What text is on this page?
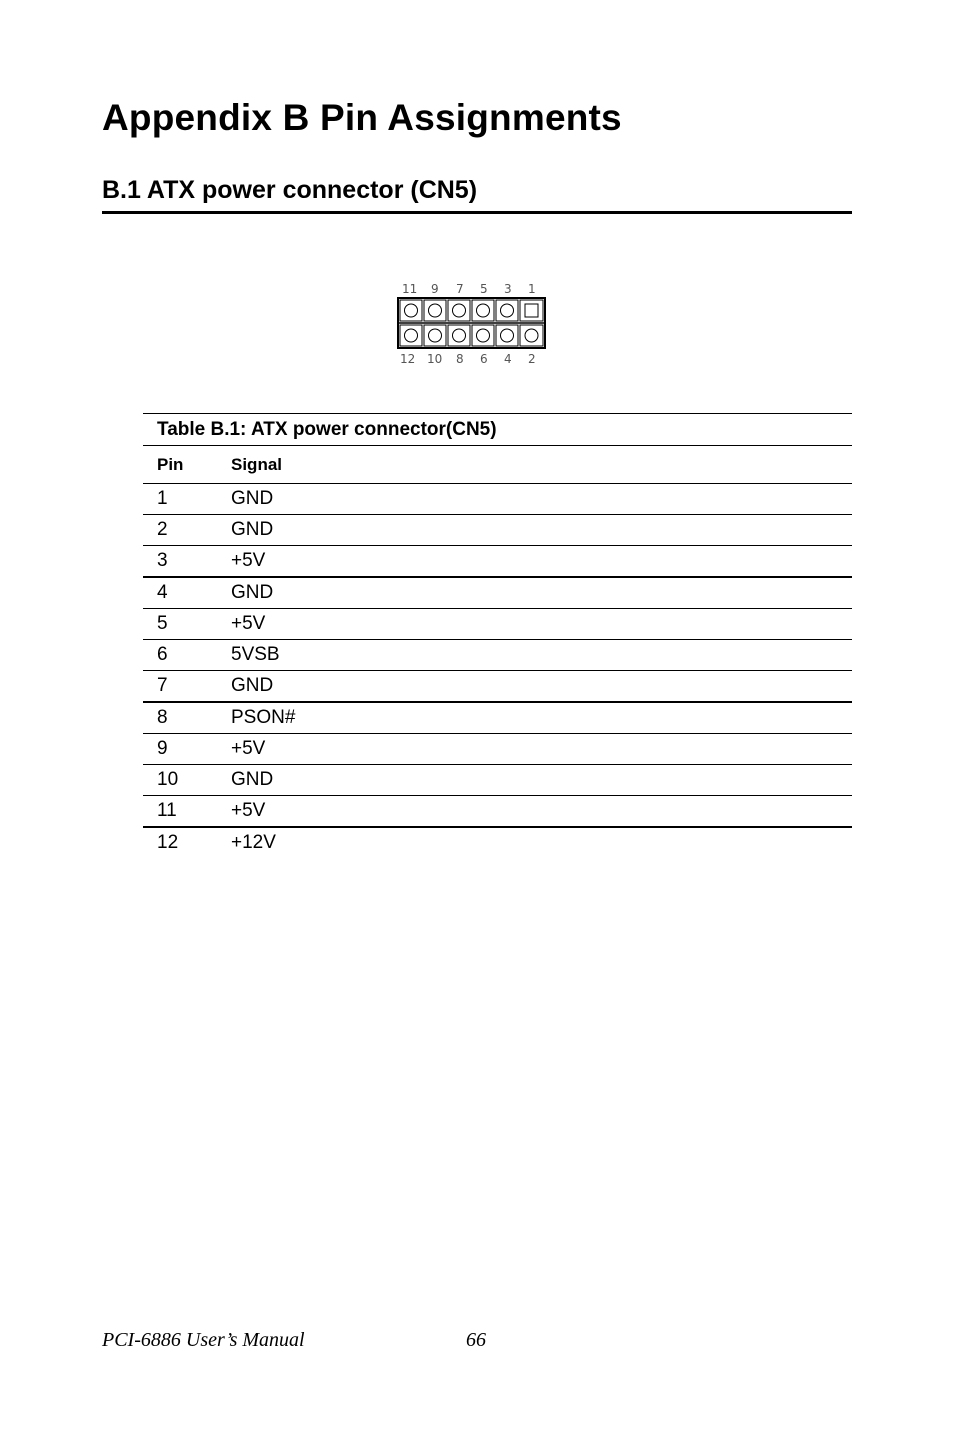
Appendix B Pin Assignments
B.1 ATX power connector (CN5)
11 9 7 5 3 1
12 10 8 6 4 2
Table B.1: ATX power connector(CN5)	
Pin	Signal
1	GND
2	GND
3	+5V
4	GND
5	+5V
6	5VSB
7	GND
8	PSON#
9	+5V
10	GND
11	+5V
12	+12V
PCI-6886 User’s Manual	66
